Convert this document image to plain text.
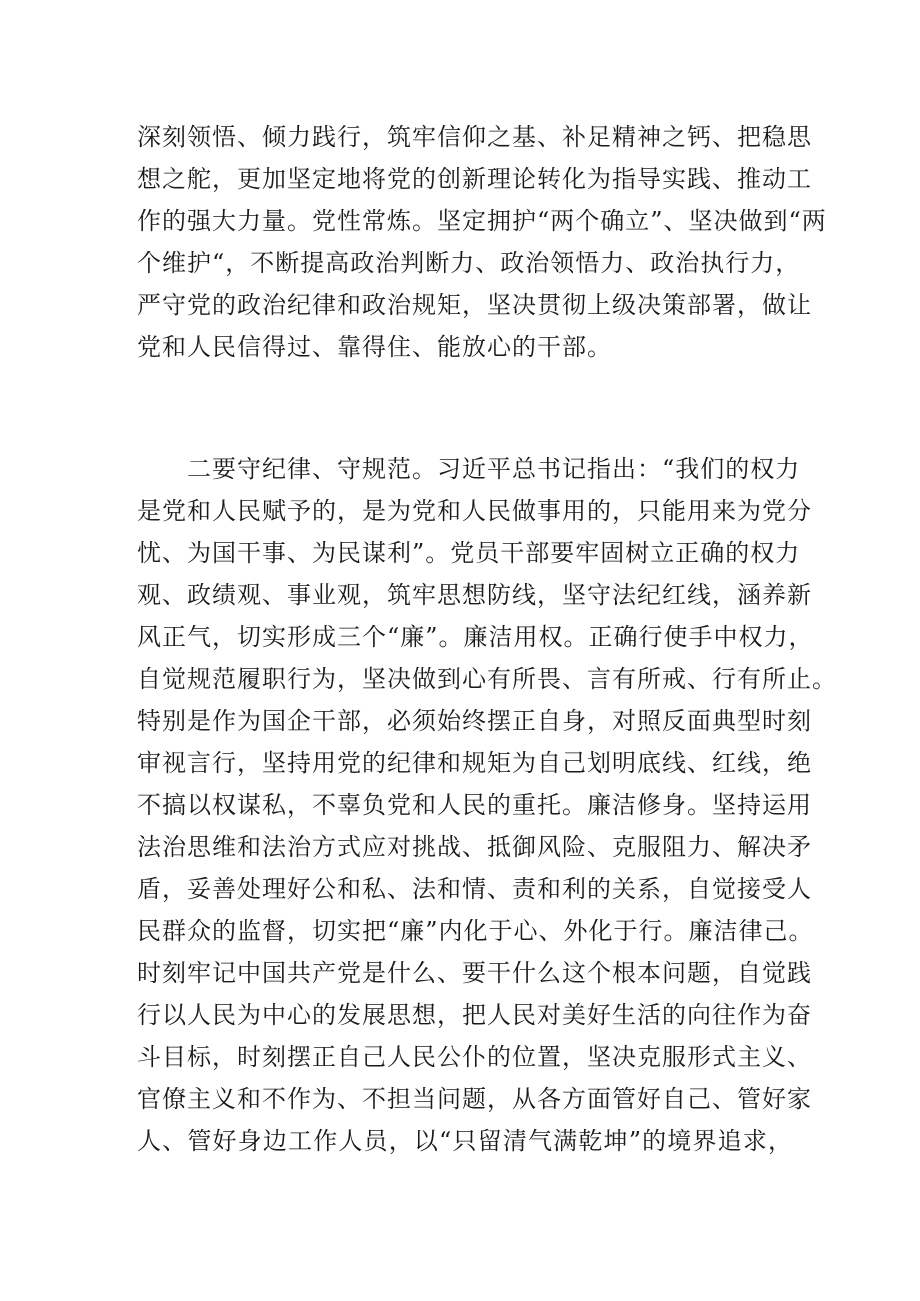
深刻领悟、倾力践行，筑牢信仰之基、补足精神之钙、把稳思
想之舵，更加坚定地将党的创新理论转化为指导实践、推动工
作的强大力量。党性常炼。坚定拥护“两个确立”、坚决做到“两
个维护“，不断提高政治判断力、政治领悟力、政治执行力，
严守党的政治纪律和政治规矩，坚决贯彻上级决策部署，做让
党和人民信得过、靠得住、能放心的干部。
二要守纪律、守规范。习近平总书记指出：“我们的权力
是党和人民赋予的，是为党和人民做事用的，只能用来为党分
忧、为国干事、为民谋利”。党员干部要牢固树立正确的权力
观、政绩观、事业观，筑牢思想防线，坚守法纪红线，涵养新
风正气，切实形成三个“廉”。廉洁用权。正确行使手中权力，
自觉规范履职行为，坚决做到心有所畏、言有所戒、行有所止。
特别是作为国企干部，必须始终摆正自身，对照反面典型时刻
审视言行，坚持用党的纪律和规矩为自己划明底线、红线，绝
不搞以权谋私，不辜负党和人民的重托。廉洁修身。坚持运用
法治思维和法治方式应对挑战、抵御风险、克服阻力、解决矛
盾，妥善处理好公和私、法和情、责和利的关系，自觉接受人
民群众的监督，切实把“廉”内化于心、外化于行。廉洁律己。
时刻牢记中国共产党是什么、要干什么这个根本问题，自觉践
行以人民为中心的发展思想，把人民对美好生活的向往作为奋
斗目标，时刻摆正自己人民公仆的位置，坚决克服形式主义、
官僚主义和不作为、不担当问题，从各方面管好自己、管好家
人、管好身边工作人员，以“只留清气满乾坤”的境界追求，
